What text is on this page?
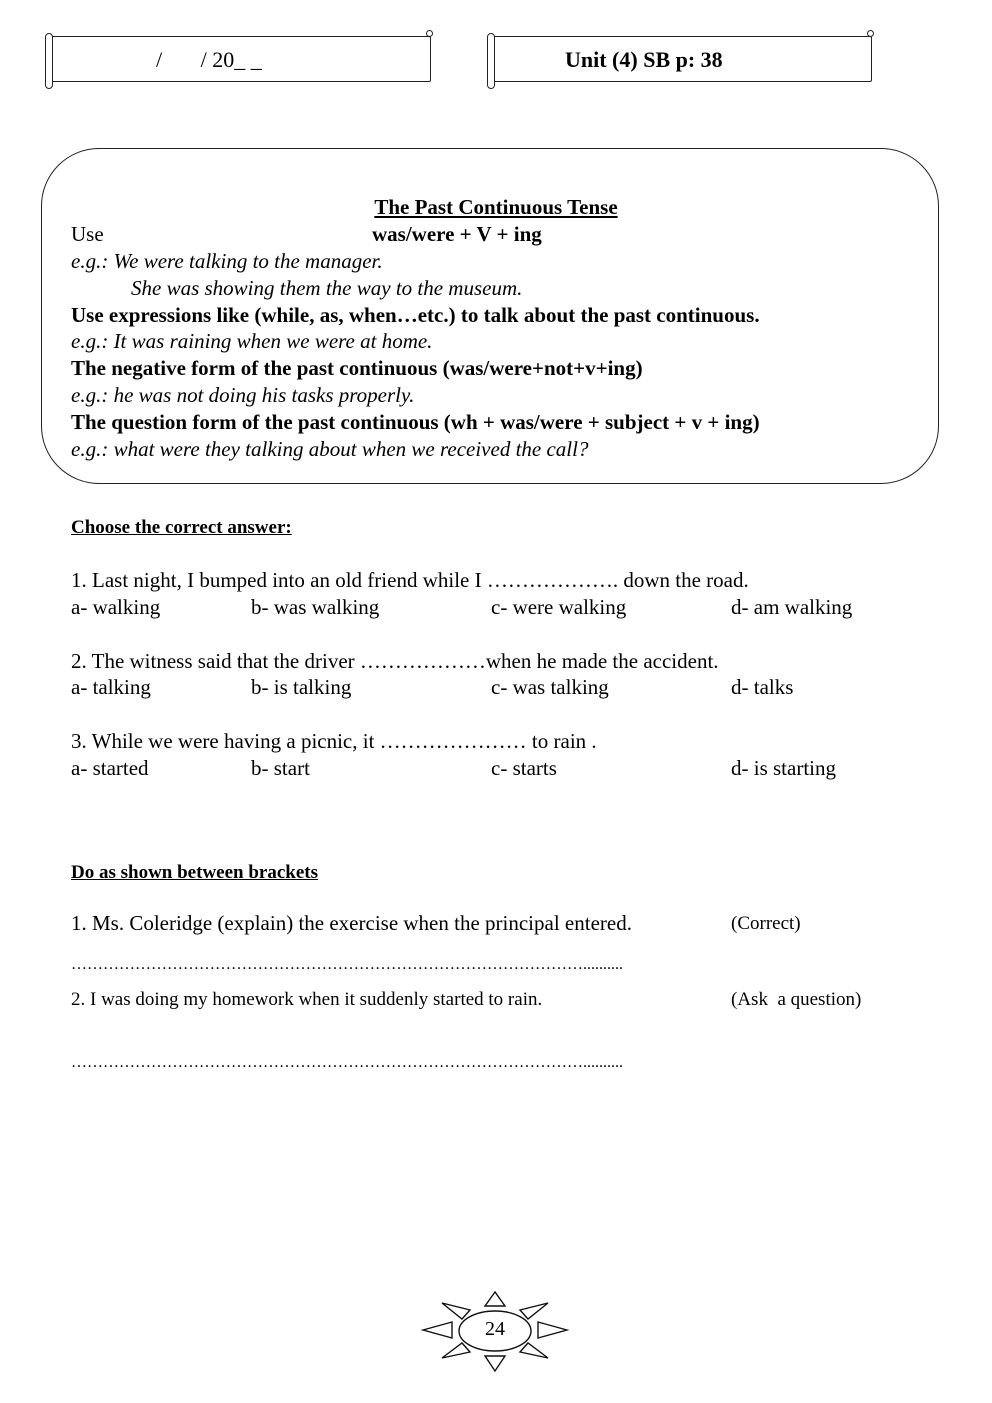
/       / 20_ _	Unit (4) SB p: 38
The Past Continuous Tense
Use	was/were + V + ing
e.g.: We were talking to the manager.
She was showing them the way to the museum.
Use expressions like (while, as, when…etc.) to talk about the past continuous.
e.g.: It was raining when we were at home.
The negative form of the past continuous (was/were+not+v+ing)
e.g.: he was not doing his tasks properly.
The question form of the past continuous (wh + was/were + subject + v + ing)
e.g.: what were they talking about when we received the call?
Choose the correct answer:
1. Last night, I bumped into an old friend while I ………………. down the road.
a- walking	b- was walking	c- were walking	d- am walking
2. The witness said that the driver ………………when he made the accident.
a- talking	b- is talking	c- was talking	d- talks
3. While we were having a picnic, it ………………… to rain .
a- started	b- start	c- starts	d- is starting
Do as shown between brackets
1. Ms. Coleridge (explain) the exercise when the principal entered.	(Correct)
……………………………………………………………………………………..........
2. I was doing my homework when it suddenly started to rain.	(Ask  a question)
……………………………………………………………………………………..........
24
